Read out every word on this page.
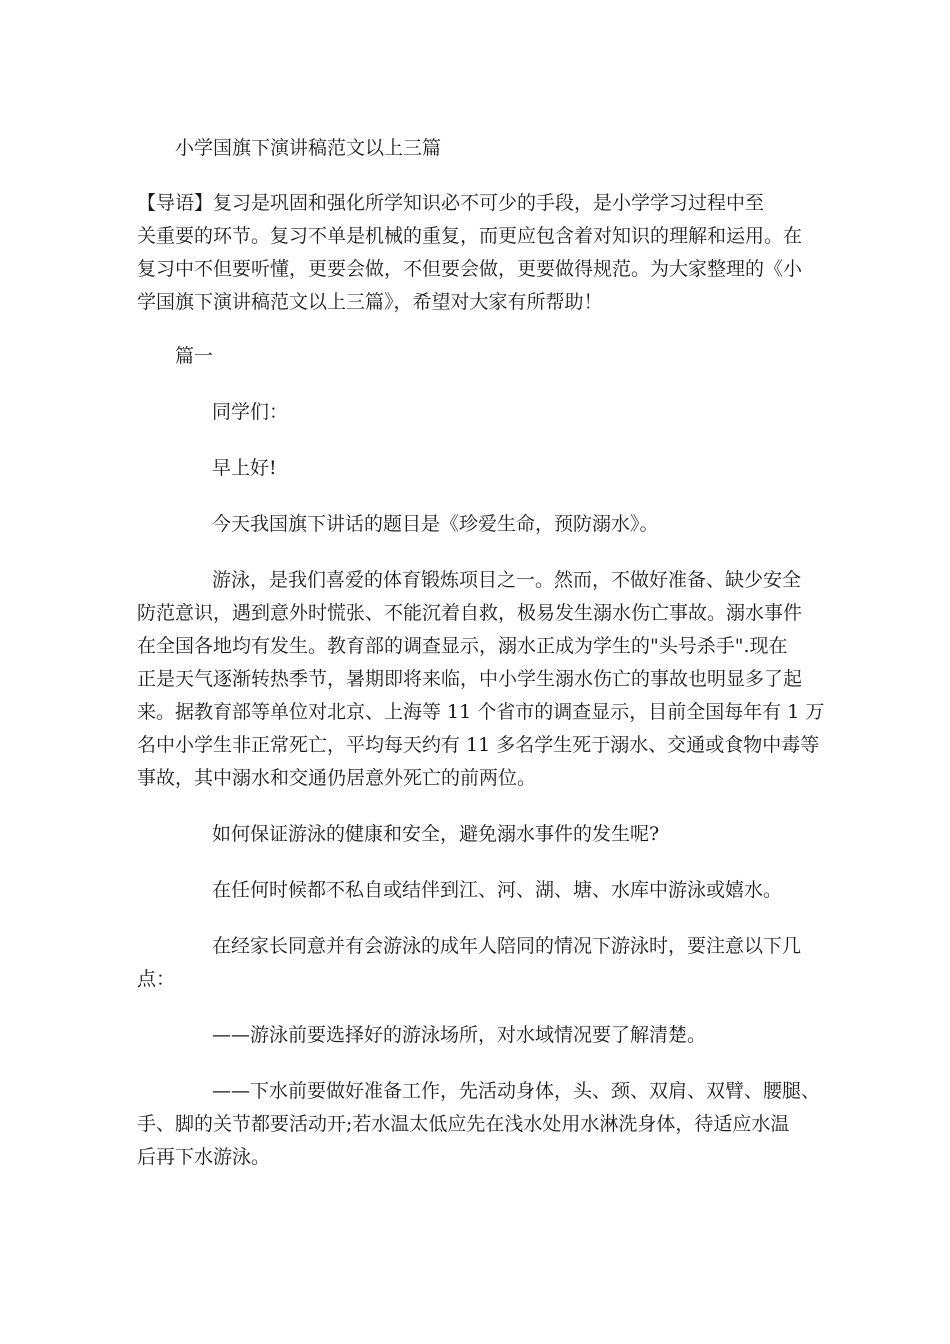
小学国旗下演讲稿范文以上三篇

【导语】复习是巩固和强化所学知识必不可少的手段，是小学学习过程中至

关重要的环节。复习不单是机械的重复，而更应包含着对知识的理解和运用。在

复习中不但要听懂，更要会做，不但要会做，更要做得规范。为大家整理的《小

学国旗下演讲稿范文以上三篇》，希望对大家有所帮助！

篇一

同学们：

早上好!

今天我国旗下讲话的题目是《珍爱生命，预防溺水》。

游泳，是我们喜爱的体育锻炼项目之一。然而，不做好准备、缺少安全

防范意识，遇到意外时慌张、不能沉着自救，极易发生溺水伤亡事故。溺水事件

在全国各地均有发生。教育部的调查显示，溺水正成为学生的"头号杀手".现在

正是天气逐渐转热季节，暑期即将来临，中小学生溺水伤亡的事故也明显多了起

来。据教育部等单位对北京、上海等 11 个省市的调查显示，目前全国每年有 1 万

名中小学生非正常死亡，平均每天约有 11 多名学生死于溺水、交通或食物中毒等

事故，其中溺水和交通仍居意外死亡的前两位。

如何保证游泳的健康和安全，避免溺水事件的发生呢?

在任何时候都不私自或结伴到江、河、湖、塘、水库中游泳或嬉水。

在经家长同意并有会游泳的成年人陪同的情况下游泳时，要注意以下几

点：

——游泳前要选择好的游泳场所，对水域情况要了解清楚。

——下水前要做好准备工作，先活动身体，头、颈、双肩、双臂、腰腿、

手、脚的关节都要活动开;若水温太低应先在浅水处用水淋洗身体，待适应水温

后再下水游泳。
